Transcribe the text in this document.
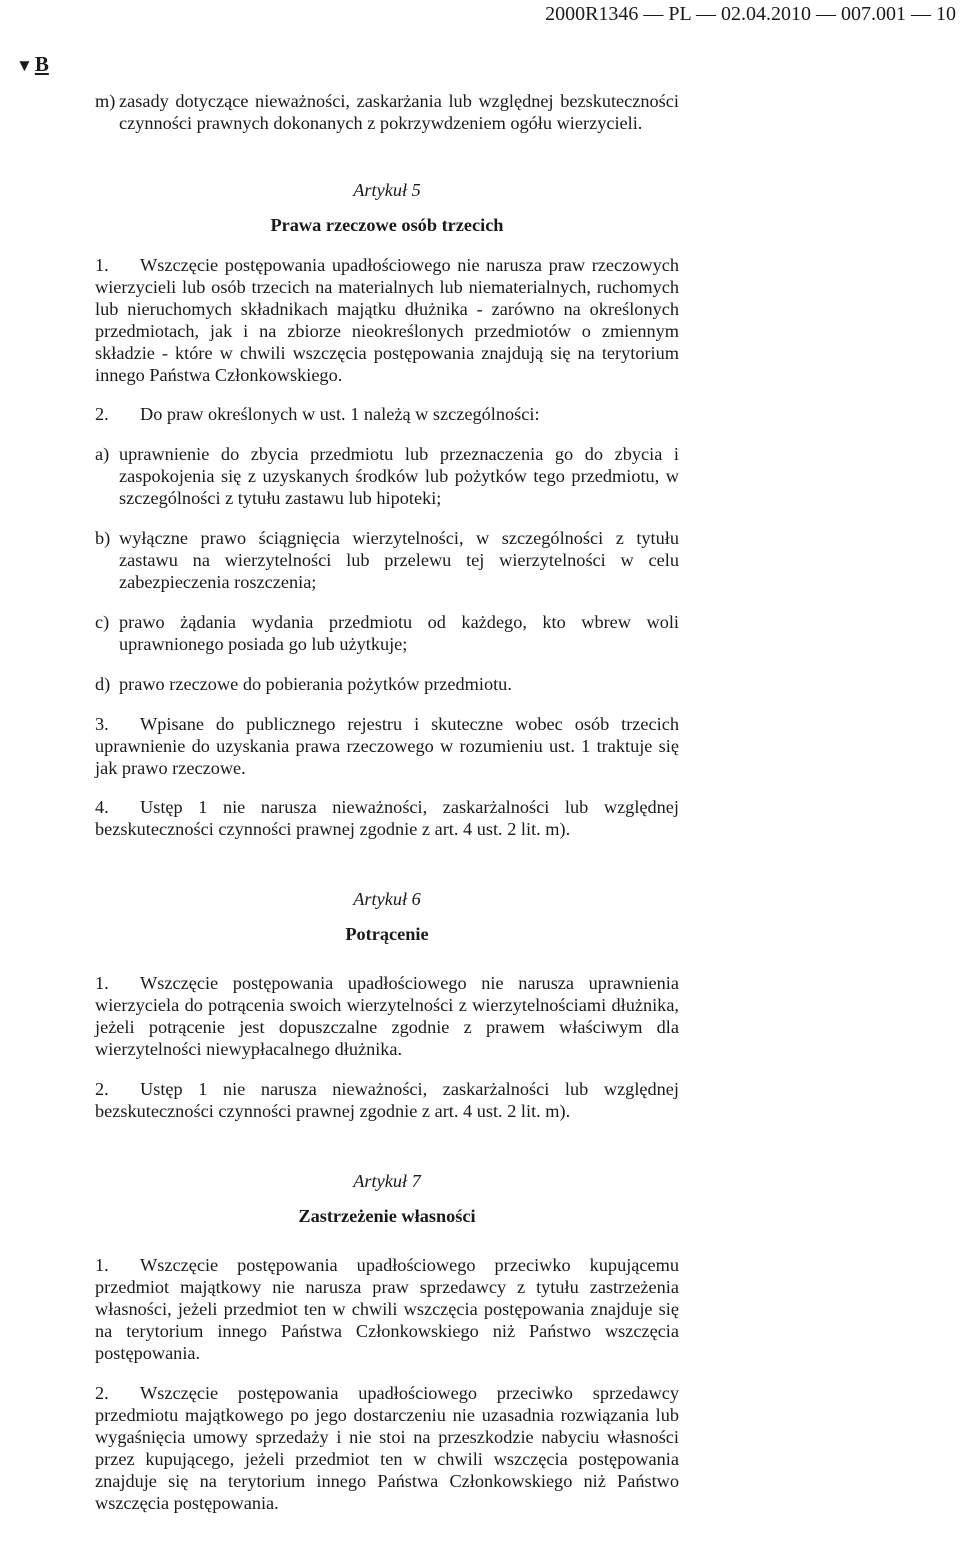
2000R1346 — PL — 02.04.2010 — 007.001 — 10
▼B
m) zasady dotyczące nieważności, zaskarżania lub względnej bezskuteczności czynności prawnych dokonanych z pokrzywdzeniem ogółu wierzycieli.
Artykuł 5
Prawa rzeczowe osób trzecich

1. Wszczęcie postępowania upadłościowego nie narusza praw rzeczowych wierzycieli lub osób trzecich na materialnych lub niematerialnych, ruchomych lub nieruchomych składnikach majątku dłużnika - zarówno na określonych przedmiotach, jak i na zbiorze nieokreślonych przedmiotów o zmiennym składzie - które w chwili wszczęcia postępowania znajdują się na terytorium innego Państwa Członkowskiego.

2. Do praw określonych w ust. 1 należą w szczególności:

a) uprawnienie do zbycia przedmiotu lub przeznaczenia go do zbycia i zaspokojenia się z uzyskanych środków lub pożytków tego przedmiotu, w szczególności z tytułu zastawu lub hipoteki;
b) wyłączne prawo ściągnięcia wierzytelności, w szczególności z tytułu zastawu na wierzytelności lub przelewu tej wierzytelności w celu zabezpieczenia roszczenia;
c) prawo żądania wydania przedmiotu od każdego, kto wbrew woli uprawnionego posiada go lub użytkuje;
d) prawo rzeczowe do pobierania pożytków przedmiotu.

3. Wpisane do publicznego rejestru i skuteczne wobec osób trzecich uprawnienie do uzyskania prawa rzeczowego w rozumieniu ust. 1 traktuje się jak prawo rzeczowe.

4. Ustęp 1 nie narusza nieważności, zaskarżalności lub względnej bezskuteczności czynności prawnej zgodnie z art. 4 ust. 2 lit. m).

Artykuł 6
Potrącenie

1. Wszczęcie postępowania upadłościowego nie narusza uprawnienia wierzyciela do potrącenia swoich wierzytelności z wierzytelnościami dłużnika, jeżeli potrącenie jest dopuszczalne zgodnie z prawem właściwym dla wierzytelności niewypłacalnego dłużnika.

2. Ustęp 1 nie narusza nieważności, zaskarżalności lub względnej bezskuteczności czynności prawnej zgodnie z art. 4 ust. 2 lit. m).

Artykuł 7
Zastrzeżenie własności

1. Wszczęcie postępowania upadłościowego przeciwko kupującemu przedmiot majątkowy nie narusza praw sprzedawcy z tytułu zastrzeżenia własności, jeżeli przedmiot ten w chwili wszczęcia postępowania znajduje się na terytorium innego Państwa Członkowskiego niż Państwo wszczęcia postępowania.

2. Wszczęcie postępowania upadłościowego przeciwko sprzedawcy przedmiotu majątkowego po jego dostarczeniu nie uzasadnia rozwiązania lub wygaśnięcia umowy sprzedaży i nie stoi na przeszkodzie nabyciu własności przez kupującego, jeżeli przedmiot ten w chwili wszczęcia postępowania znajduje się na terytorium innego Państwa Członkowskiego niż Państwo wszczęcia postępowania.
